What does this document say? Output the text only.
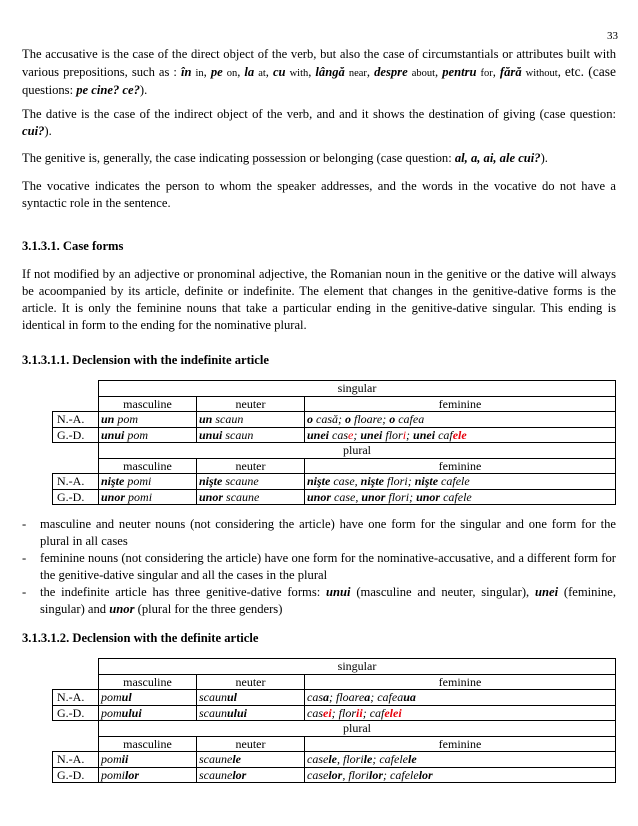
33
The accusative is the case of the direct object of the verb, but also the case of circumstantials or attributes built with various prepositions, such as : în in, pe on, la at, cu with, lângă near, despre about, pentru for, fără without, etc. (case questions: pe cine? ce?).
The dative is the case of the indirect object of the verb, and and it shows the destination of giving (case question: cui?).
The genitive is, generally, the case indicating possession or belonging (case question: al, a, ai, ale cui?).
The vocative indicates the person to whom the speaker addresses, and the words in the vocative do not have a syntactic role in the sentence.
3.1.3.1. Case forms
If not modified by an adjective or pronominal adjective, the Romanian noun in the genitive or the dative will always be acoompanied by its article, definite or indefinite. The element that changes in the genitive-dative forms is the article. It is only the feminine nouns that take a particular ending in the genitive-dative singular. This ending is identical in form to the ending for the nominative plural.
3.1.3.1.1. Declension with the indefinite article
	singular		
	masculine	neuter	feminine
N.-A.	un pom	un scaun	o casă; o floare; o cafea
G.-D.	unui pom	unui scaun	unei case; unei flori; unei cafele
	plural		
	masculine	neuter	feminine
N.-A.	nişte pomi	nişte scaune	nişte case, nişte flori; nişte cafele
G.-D.	unor pomi	unor scaune	unor case, unor flori; unor cafele
- masculine and neuter nouns (not considering the article) have one form for the singular and one form for the plural in all cases
- feminine nouns (not considering the article) have one form for the nominative-accusative, and a different form for the genitive-dative singular and all the cases in the plural
- the indefinite article has three genitive-dative forms: unui (masculine and neuter, singular), unei (feminine, singular) and unor (plural for the three genders)
3.1.3.1.2. Declension with the definite article
	singular		
	masculine	neuter	feminine
N.-A.	pomul	scaunul	casa; floarea; cafeaua
G.-D.	pomului	scaunului	casei; florii; cafelei
	plural		
	masculine	neuter	feminine
N.-A.	pomii	scaunele	casele, florile; cafelele
G.-D.	pomilor	scaunelor	caselor, florilor; cafelelor
